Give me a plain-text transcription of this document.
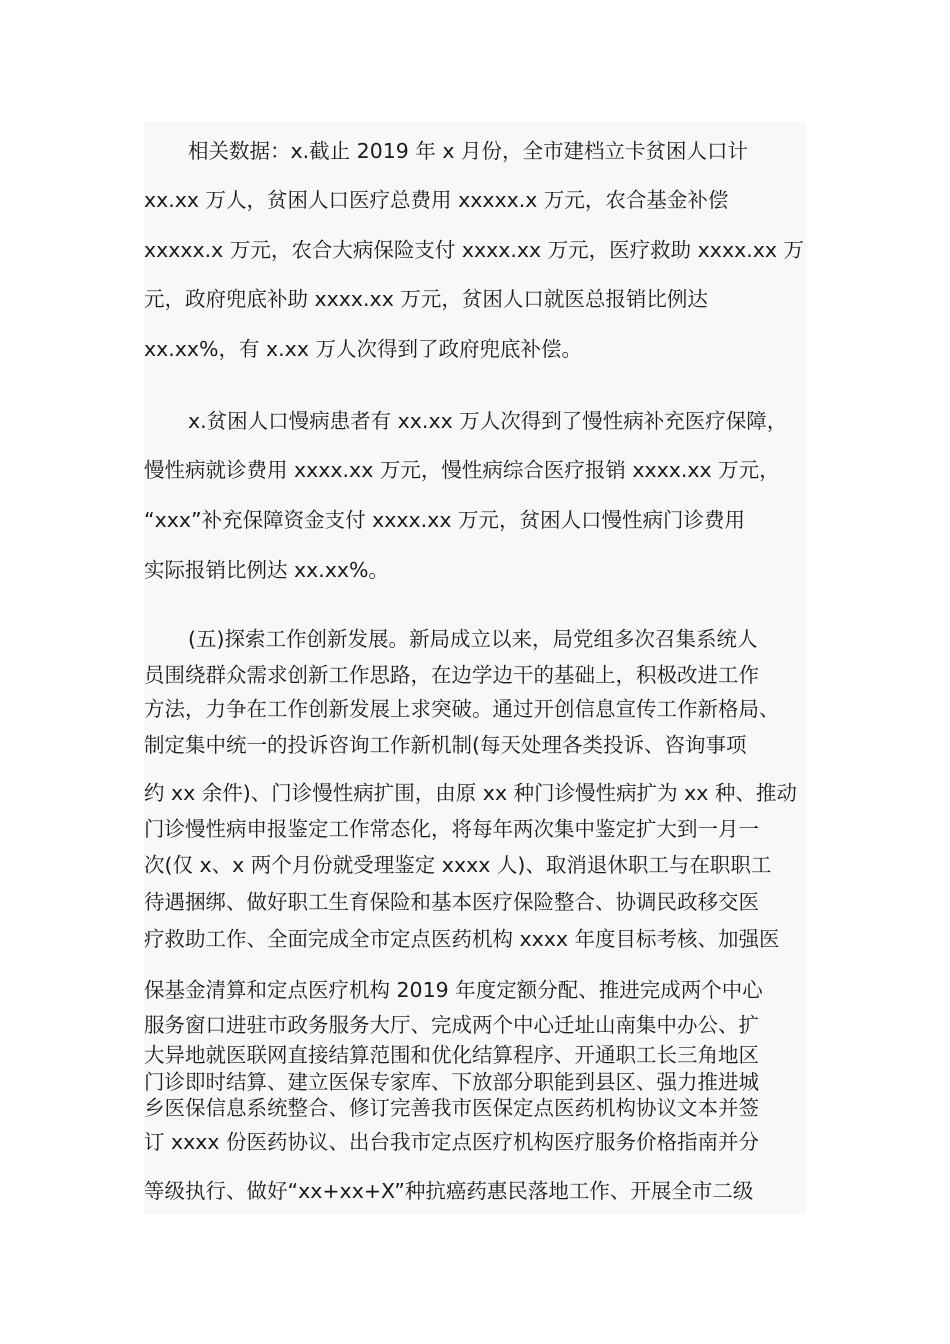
相关数据：x.截止 2019 年 x 月份，全市建档立卡贫困人口计
xx.xx 万人，贫困人口医疗总费用 xxxxx.x 万元，农合基金补偿
xxxxx.x 万元，农合大病保险支付 xxxx.xx 万元，医疗救助 xxxx.xx 万
元，政府兜底补助 xxxx.xx 万元，贫困人口就医总报销比例达
xx.xx%，有 x.xx 万人次得到了政府兜底补偿。
x.贫困人口慢病患者有 xx.xx 万人次得到了慢性病补充医疗保障，
慢性病就诊费用 xxxx.xx 万元，慢性病综合医疗报销 xxxx.xx 万元，
“xxx”补充保障资金支付 xxxx.xx 万元，贫困人口慢性病门诊费用
实际报销比例达 xx.xx%。
(五)探索工作创新发展。新局成立以来，局党组多次召集系统人
员围绕群众需求创新工作思路，在边学边干的基础上，积极改进工作
方法，力争在工作创新发展上求突破。通过开创信息宣传工作新格局、
制定集中统一的投诉咨询工作新机制(每天处理各类投诉、咨询事项
约 xx 余件)、门诊慢性病扩围，由原 xx 种门诊慢性病扩为 xx 种、推动
门诊慢性病申报鉴定工作常态化，将每年两次集中鉴定扩大到一月一
次(仅 x、x 两个月份就受理鉴定 xxxx 人)、取消退休职工与在职职工
待遇捆绑、做好职工生育保险和基本医疗保险整合、协调民政移交医
疗救助工作、全面完成全市定点医药机构 xxxx 年度目标考核、加强医
保基金清算和定点医疗机构 2019 年度定额分配、推进完成两个中心
服务窗口进驻市政务服务大厅、完成两个中心迁址山南集中办公、扩
大异地就医联网直接结算范围和优化结算程序、开通职工长三角地区
门诊即时结算、建立医保专家库、下放部分职能到县区、强力推进城
乡医保信息系统整合、修订完善我市医保定点医药机构协议文本并签
订 xxxx 份医药协议、出台我市定点医疗机构医疗服务价格指南并分
等级执行、做好“xx+xx+X”种抗癌药惠民落地工作、开展全市二级
